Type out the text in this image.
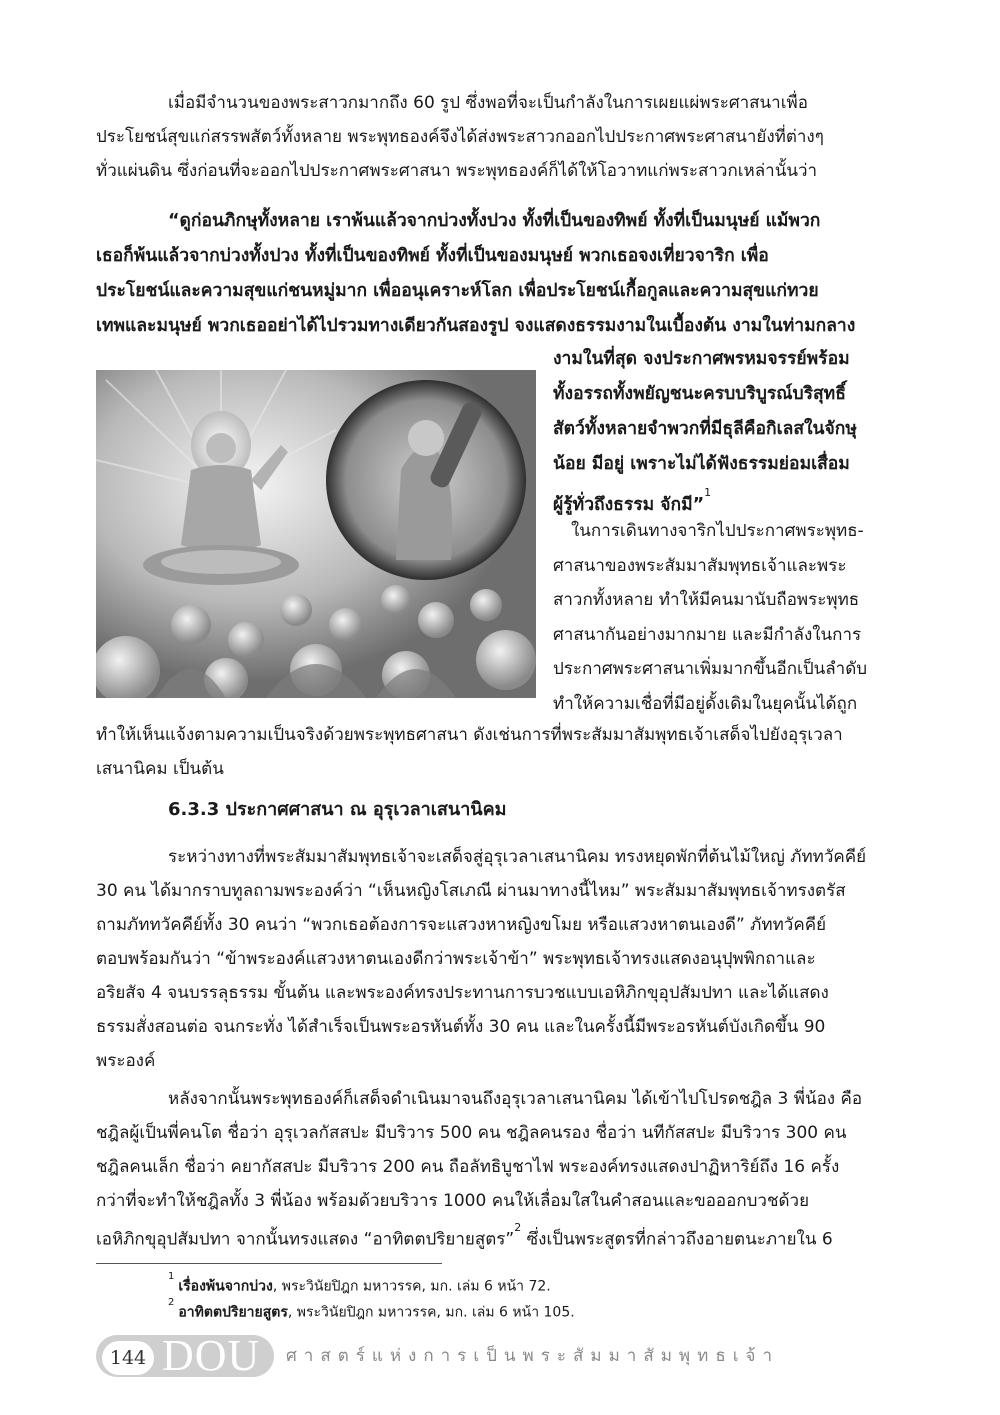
เมื่อมีจำนวนของพระสาวกมากถึง 60 รูป ซึ่งพอที่จะเป็นกำลังในการเผยแผ่พระศาสนาเพื่อ
ประโยชน์สุขแก่สรรพสัตว์ทั้งหลาย พระพุทธองค์จึงได้ส่งพระสาวกออกไปประกาศพระศาสนายังที่ต่างๆ
ทั่วแผ่นดิน ซึ่งก่อนที่จะออกไปประกาศพระศาสนา พระพุทธองค์ก็ได้ให้โอวาทแก่พระสาวกเหล่านั้นว่า
“ดูก่อนภิกษุทั้งหลาย เราพ้นแล้วจากบ่วงทั้งปวง ทั้งที่เป็นของทิพย์ ทั้งที่เป็นมนุษย์ แม้พวก
เธอก็พ้นแล้วจากบ่วงทั้งปวง ทั้งที่เป็นของทิพย์ ทั้งที่เป็นของมนุษย์ พวกเธอจงเที่ยวจาริก เพื่อ
ประโยชน์และความสุขแก่ชนหมู่มาก เพื่ออนุเคราะห์โลก เพื่อประโยชน์เกื้อกูลและความสุขแก่ทวย
เทพและมนุษย์ พวกเธออย่าได้ไปรวมทางเดียวกันสองรูป จงแสดงธรรมงามในเบื้องต้น งามในท่ามกลาง
งามในที่สุด จงประกาศพรหมจรรย์พร้อม
ทั้งอรรถทั้งพยัญชนะครบบริบูรณ์บริสุทธิ์
สัตว์ทั้งหลายจำพวกที่มีธุลีคือกิเลสในจักษุ
น้อย มีอยู่ เพราะไม่ได้ฟังธรรมย่อมเสื่อม
ผู้รู้ทั่วถึงธรรม จักมี”$^1$
ในการเดินทางจาริกไปประกาศพระพุทธ-
ศาสนาของพระสัมมาสัมพุทธเจ้าและพระ
สาวกทั้งหลาย ทำให้มีคนมานับถือพระพุทธ
ศาสนากันอย่างมากมาย และมีกำลังในการ
ประกาศพระศาสนาเพิ่มมากขึ้นอีกเป็นลำดับ
ทำให้ความเชื่อที่มีอยู่ดั้งเดิมในยุคนั้นได้ถูก
ทำให้เห็นแจ้งตามความเป็นจริงด้วยพระพุทธศาสนา ดังเช่นการที่พระสัมมาสัมพุทธเจ้าเสด็จไปยังอุรุเวลา
เสนานิคม เป็นต้น
6.3.3 ประกาศศาสนา ณ อุรุเวลาเสนานิคม
ระหว่างทางที่พระสัมมาสัมพุทธเจ้าจะเสด็จสู่อุรุเวลาเสนานิคม ทรงหยุดพักที่ต้นไม้ใหญ่ ภัททวัคคีย์
30 คน ได้มากราบทูลถามพระองค์ว่า “เห็นหญิงโสเภณี ผ่านมาทางนี้ไหม” พระสัมมาสัมพุทธเจ้าทรงตรัส
ถามภัททวัคคีย์ทั้ง 30 คนว่า “พวกเธอต้องการจะแสวงหาหญิงขโมย หรือแสวงหาตนเองดี” ภัททวัคคีย์
ตอบพร้อมกันว่า “ข้าพระองค์แสวงหาตนเองดีกว่าพระเจ้าข้า” พระพุทธเจ้าทรงแสดงอนุปุพพิกถาและ
อริยสัจ 4 จนบรรลุธรรม ขั้นต้น และพระองค์ทรงประทานการบวชแบบเอหิภิกขุอุปสัมปทา และได้แสดง
ธรรมสั่งสอนต่อ จนกระทั่ง ได้สำเร็จเป็นพระอรหันต์ทั้ง 30 คน และในครั้งนี้มีพระอรหันต์บังเกิดขึ้น 90
พระองค์
หลังจากนั้นพระพุทธองค์ก็เสด็จดำเนินมาจนถึงอุรุเวลาเสนานิคม ได้เข้าไปโปรดชฎิล 3 พี่น้อง คือ
ชฎิลผู้เป็นพี่คนโต ชื่อว่า อุรุเวลกัสสปะ มีบริวาร 500 คน ชฎิลคนรอง ชื่อว่า นทีกัสสปะ มีบริวาร 300 คน
ชฎิลคนเล็ก ชื่อว่า คยากัสสปะ มีบริวาร 200 คน ถือลัทธิบูชาไฟ พระองค์ทรงแสดงปาฏิหาริย์ถึง 16 ครั้ง
กว่าที่จะทำให้ชฎิลทั้ง 3 พี่น้อง พร้อมด้วยบริวาร 1000 คนให้เลื่อมใสในคำสอนและขอออกบวชด้วย
เอหิภิกขุอุปสัมปทา จากนั้นทรงแสดง “อาทิตตปริยายสูตร”$^2$ ซึ่งเป็นพระสูตรที่กล่าวถึงอายตนะภายใน 6
$^1$เรื่องพ้นจากบ่วง, พระวินัยปิฎก มหาวรรค, มก. เล่ม 6 หน้า 72.
$^2$อาทิตตปริยายสูตร, พระวินัยปิฎก มหาวรรค, มก. เล่ม 6 หน้า 105.
144 DOU ศาสตร์แห่งการเป็นพระสัมมาสัมพุทธเจ้า
